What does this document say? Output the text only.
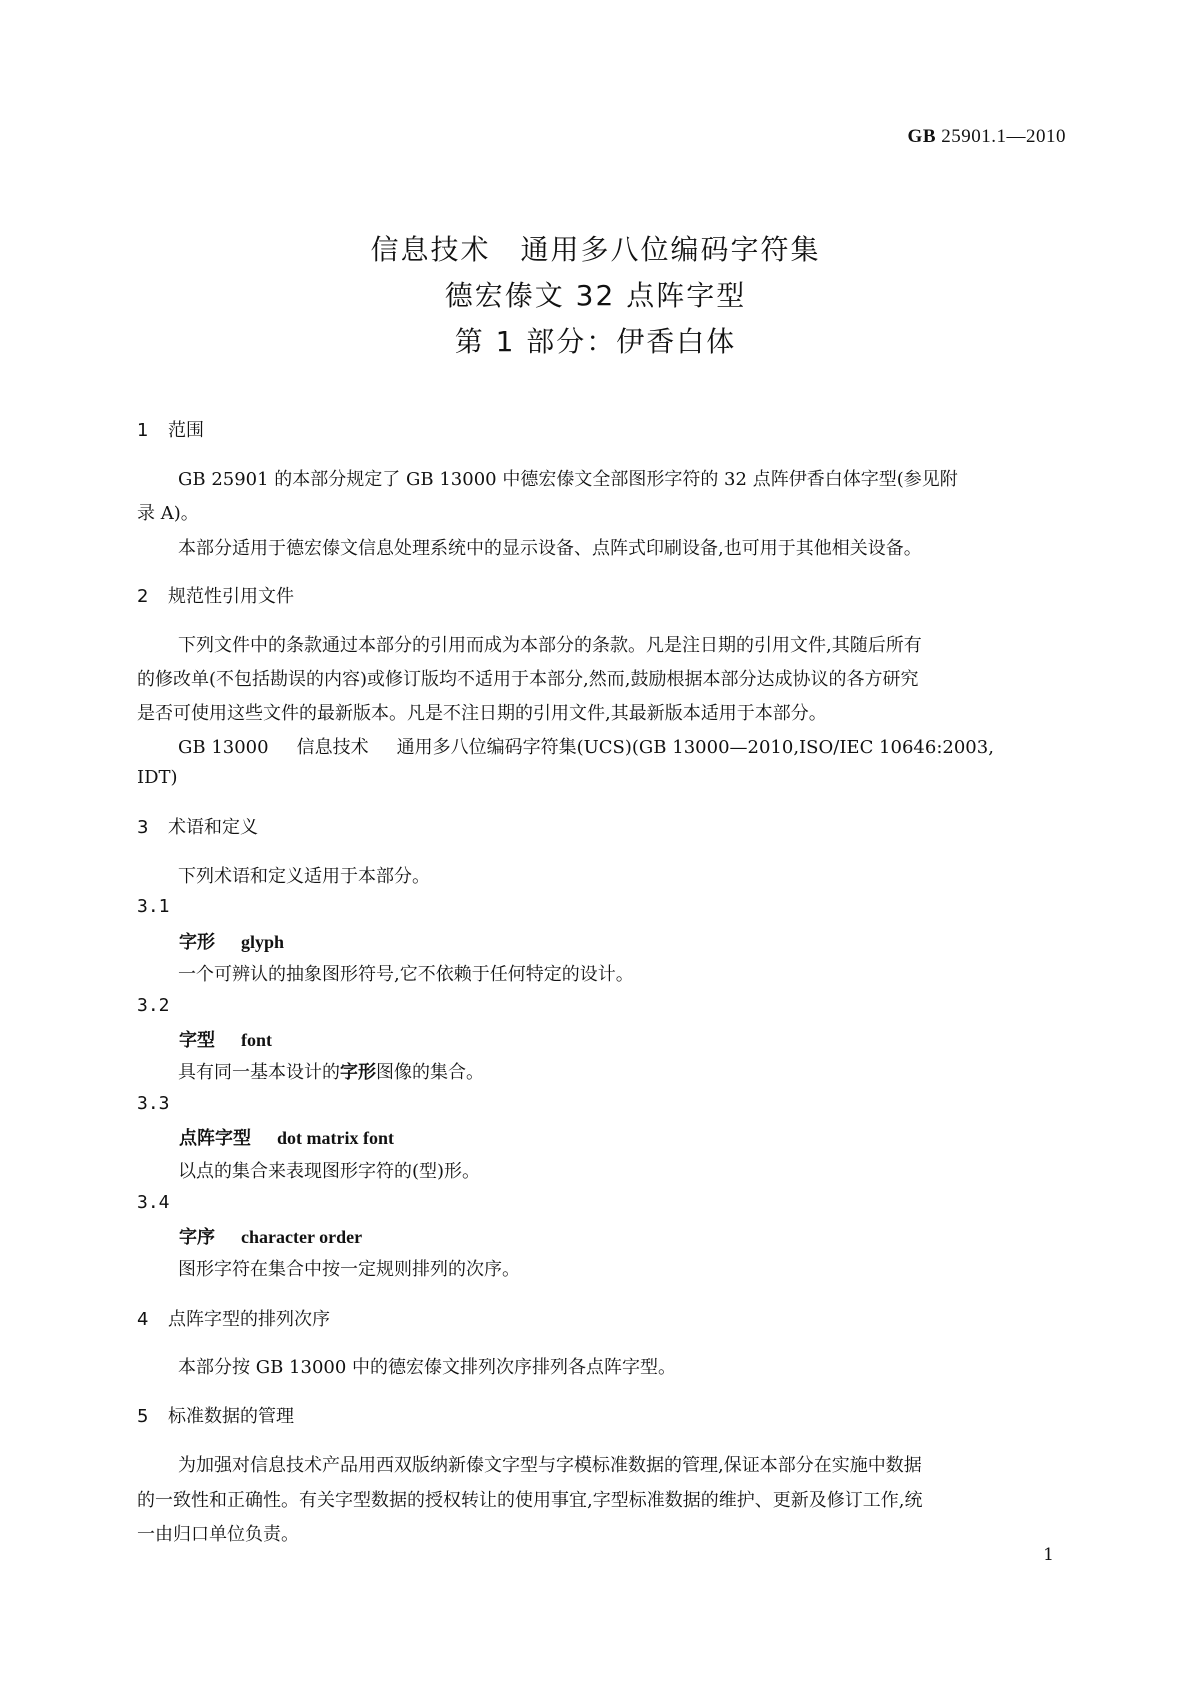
GB 25901.1—2010
信息技术　通用多八位编码字符集
德宏傣文 32 点阵字型
第 1 部分：伊香白体
1 范围
GB 25901 的本部分规定了 GB 13000 中德宏傣文全部图形字符的 32 点阵伊香白体字型(参见附
录 A)。
本部分适用于德宏傣文信息处理系统中的显示设备、点阵式印刷设备,也可用于其他相关设备。
2 规范性引用文件
下列文件中的条款通过本部分的引用而成为本部分的条款。凡是注日期的引用文件,其随后所有
的修改单(不包括勘误的内容)或修订版均不适用于本部分,然而,鼓励根据本部分达成协议的各方研究
是否可使用这些文件的最新版本。凡是不注日期的引用文件,其最新版本适用于本部分。
GB 13000 信息技术 通用多八位编码字符集(UCS)(GB 13000—2010,ISO/IEC 10646:2003,
IDT)
3 术语和定义
下列术语和定义适用于本部分。
3.1
字形 glyph
一个可辨认的抽象图形符号,它不依赖于任何特定的设计。
3.2
字型 font
具有同一基本设计的字形图像的集合。
3.3
点阵字型 dot matrix font
以点的集合来表现图形字符的(型)形。
3.4
字序 character order
图形字符在集合中按一定规则排列的次序。
4 点阵字型的排列次序
本部分按 GB 13000 中的德宏傣文排列次序排列各点阵字型。
5 标准数据的管理
为加强对信息技术产品用西双版纳新傣文字型与字模标准数据的管理,保证本部分在实施中数据
的一致性和正确性。有关字型数据的授权转让的使用事宜,字型标准数据的维护、更新及修订工作,统
一由归口单位负责。
1
